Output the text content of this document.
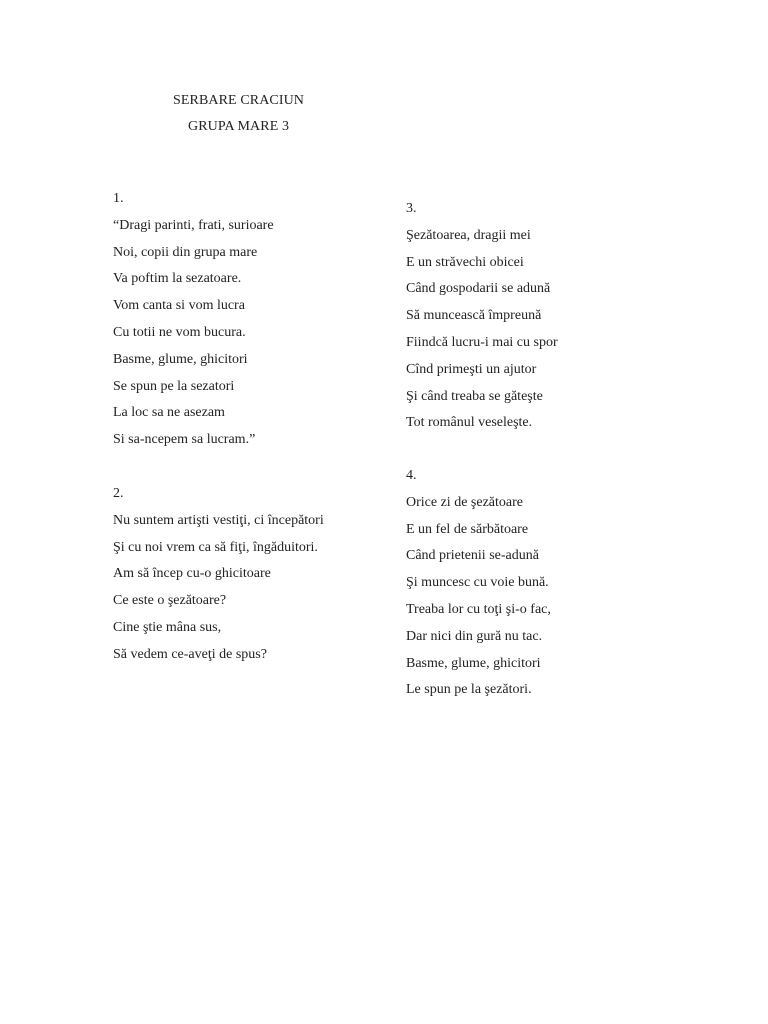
SERBARE CRACIUN
GRUPA MARE 3
1.
“Dragi parinti, frati, surioare
Noi, copii din grupa mare
Va poftim la sezatoare.
Vom canta si vom lucra
Cu totii ne vom bucura.
Basme, glume, ghicitori
Se spun pe la sezatori
La loc sa ne asezam
Si sa-ncepem sa lucram.”
2.
Nu suntem artişti vestiţi, ci începători
Şi cu noi vrem ca să fiţi, îngăduitori.
Am să încep cu-o ghicitoare
Ce este o şezătoare?
Cine ştie mâna sus,
Să vedem ce-aveţi de spus?
3.
Şezătoarea, dragii mei
E un străvechi obicei
Când gospodarii se adună
Să muncească împreună
Fiindcă lucru-i mai cu spor
Cînd primeşti un ajutor
Şi când treaba se găteşte
Tot românul veseleşte.
4.
Orice zi de şezătoare
E un fel de sărbătoare
Când prietenii se-adună
Şi muncesc cu voie bună.
Treaba lor cu toţi şi-o fac,
Dar nici din gură nu tac.
Basme, glume, ghicitori
Le spun pe la şezători.
